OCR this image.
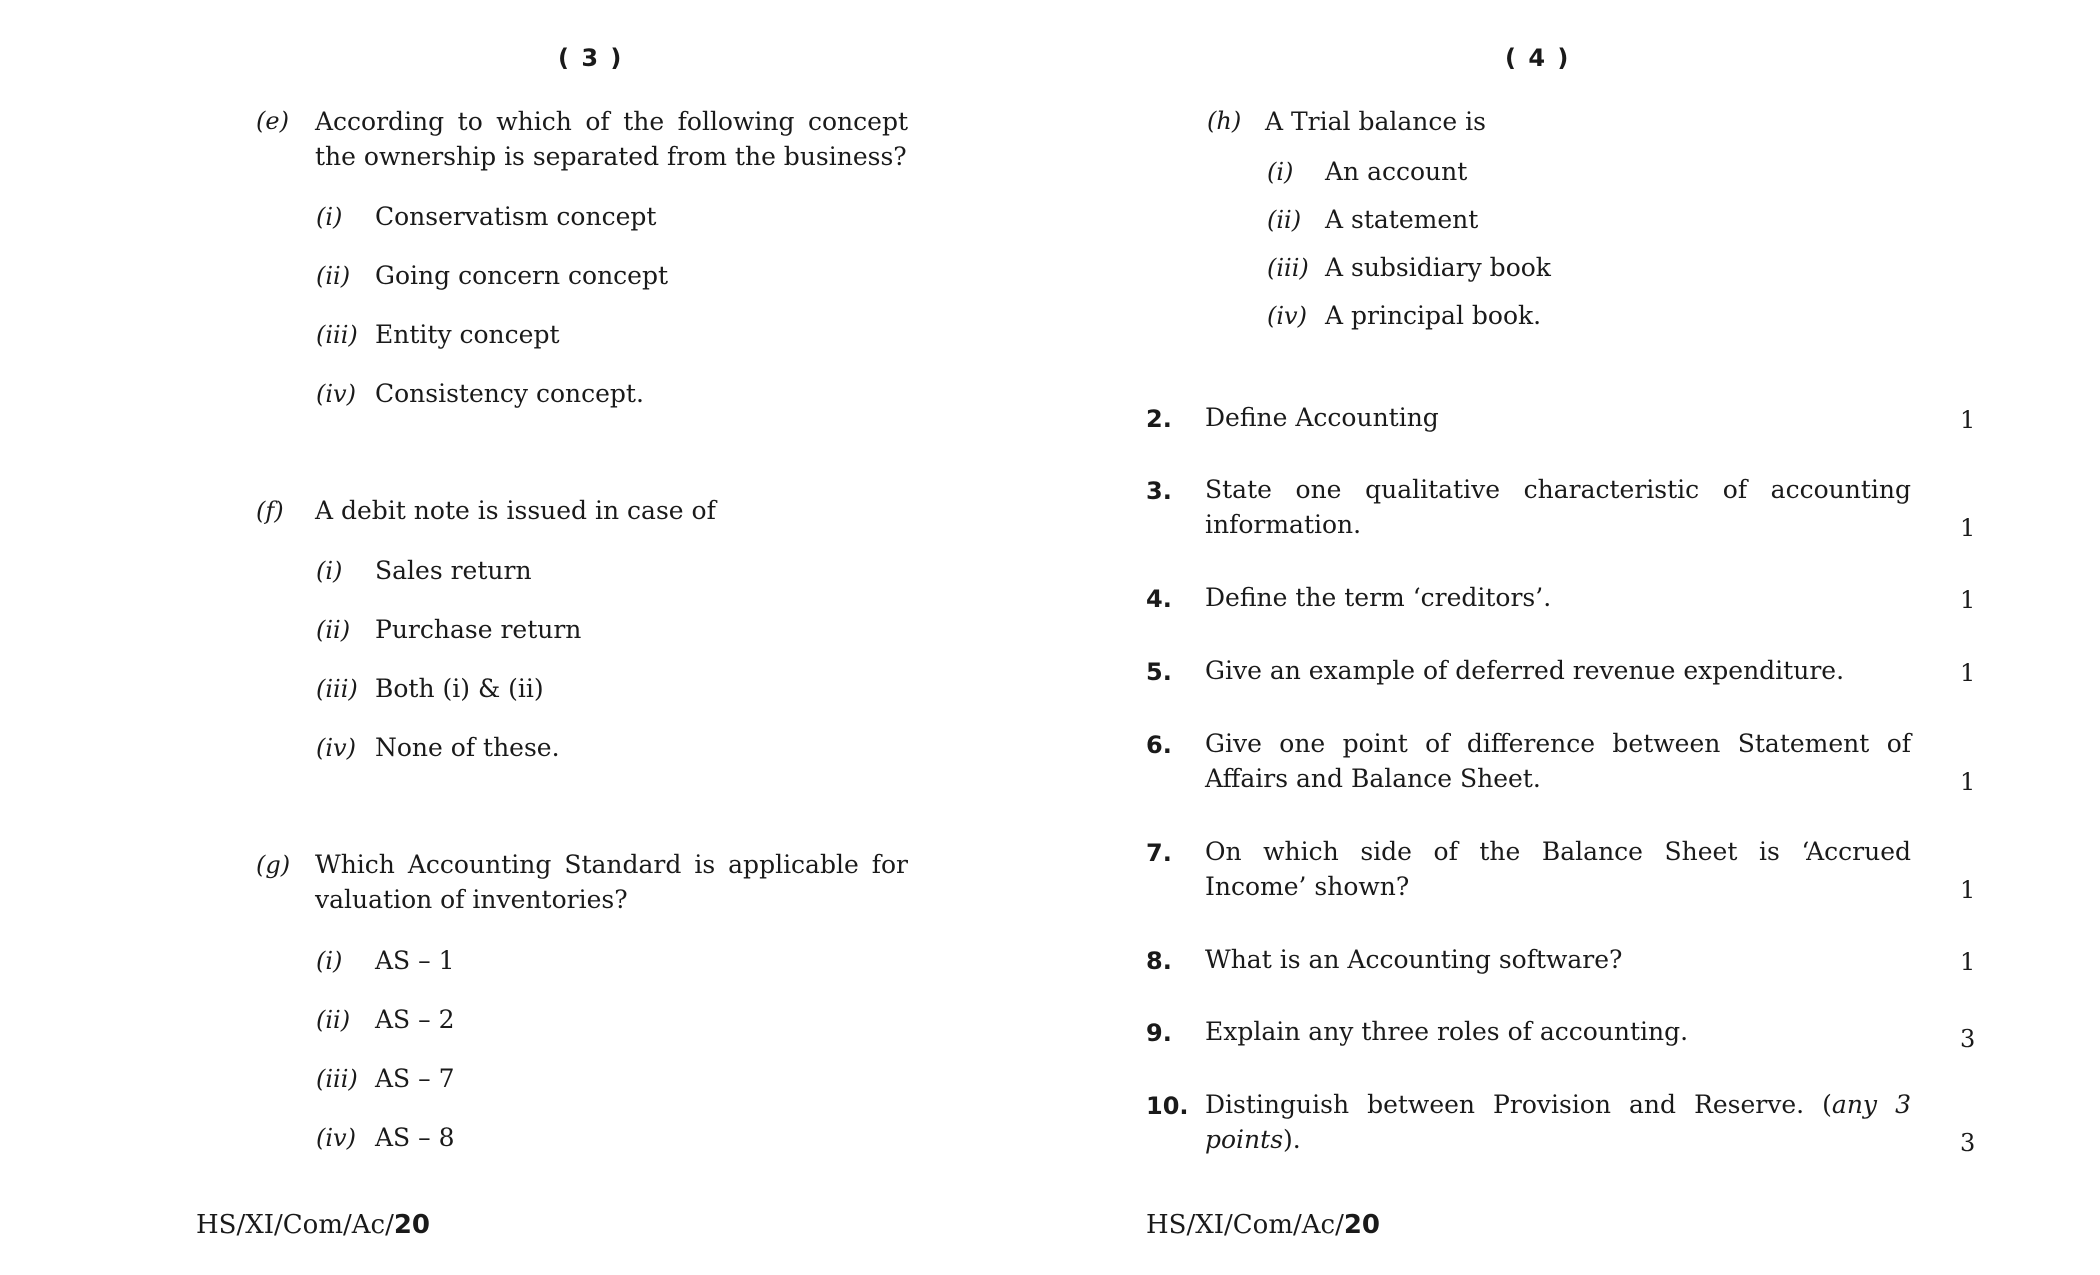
( 3 )
(e) According to which of the following concept the ownership is separated from the business?
(i) Conservatism concept
(ii) Going concern concept
(iii) Entity concept
(iv) Consistency concept.
(f) A debit note is issued in case of
(i) Sales return
(ii) Purchase return
(iii) Both (i) & (ii)
(iv) None of these.
(g) Which Accounting Standard is applicable for valuation of inventories?
(i) AS – 1
(ii) AS – 2
(iii) AS – 7
(iv) AS – 8
HS/XI/Com/Ac/20
( 4 )
(h) A Trial balance is
(i) An account
(ii) A statement
(iii) A subsidiary book
(iv) A principal book.
2. Define Accounting	1
3. State one qualitative characteristic of accounting information.	1
4. Define the term ‘creditors’.	1
5. Give an example of deferred revenue expenditure.	1
6. Give one point of difference between Statement of Affairs and Balance Sheet.	1
7. On which side of the Balance Sheet is ‘Accrued Income’ shown?	1
8. What is an Accounting software?	1
9. Explain any three roles of accounting.	3
10. Distinguish between Provision and Reserve. (any 3 points).	3
HS/XI/Com/Ac/20
